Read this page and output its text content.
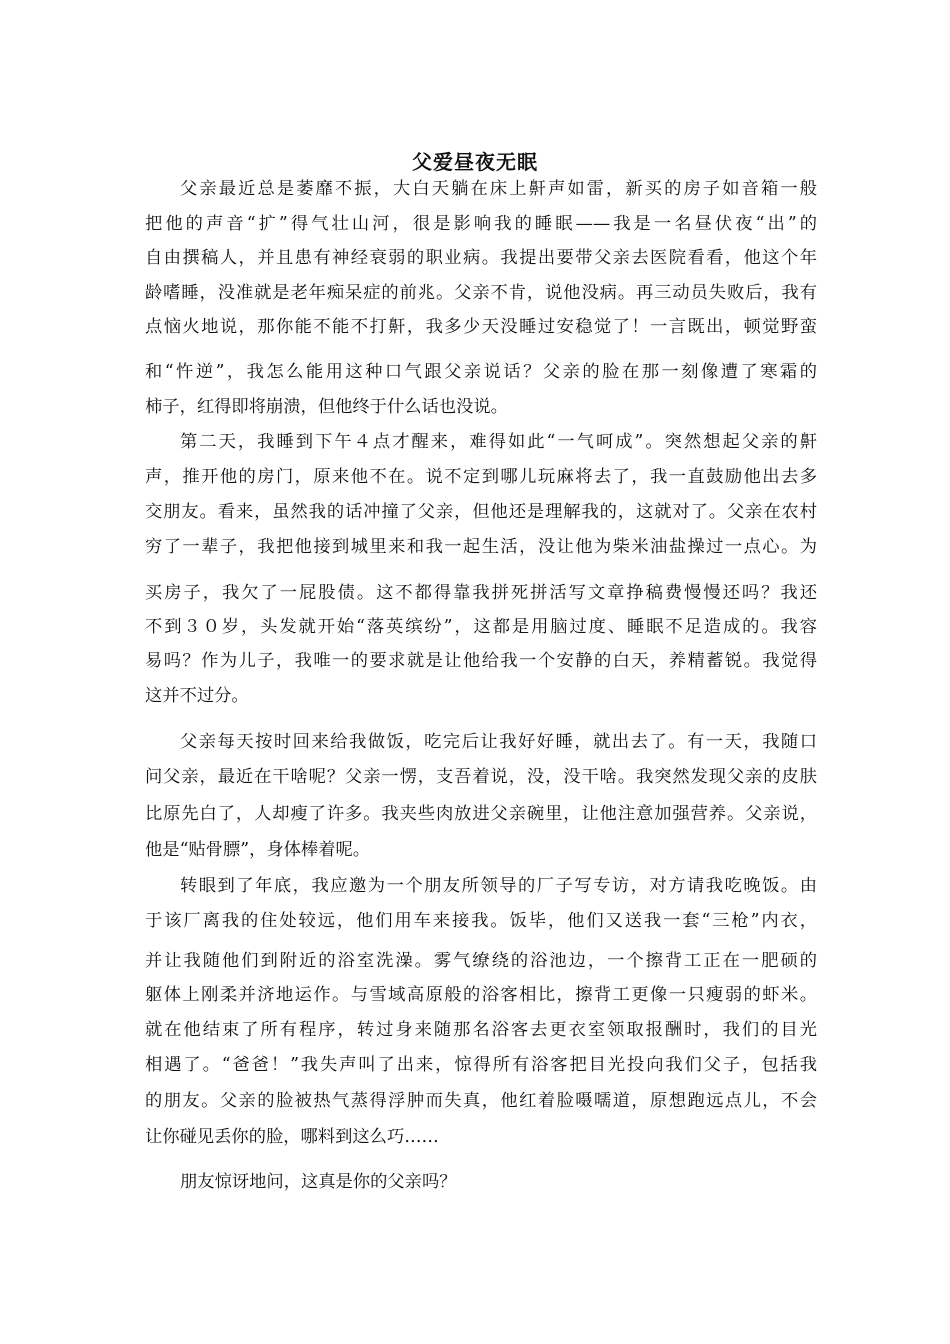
父爱昼夜无眠

父亲最近总是萎靡不振，大白天躺在床上鼾声如雷，新买的房子如音箱一般

把他的声音“扩”得气壮山河，很是影响我的睡眠——我是一名昼伏夜“出”的

自由撰稿人，并且患有神经衰弱的职业病。我提出要带父亲去医院看看，他这个年

龄嗜睡，没准就是老年痴呆症的前兆。父亲不肯，说他没病。再三动员失败后，我有

点恼火地说，那你能不能不打鼾，我多少天没睡过安稳觉了！一言既出，顿觉野蛮

和“忤逆”，我怎么能用这种口气跟父亲说话？父亲的脸在那一刻像遭了寒霜的

柿子，红得即将崩溃，但他终于什么话也没说。

第二天，我睡到下午４点才醒来，难得如此“一气呵成”。突然想起父亲的鼾

声，推开他的房门，原来他不在。说不定到哪儿玩麻将去了，我一直鼓励他出去多

交朋友。看来，虽然我的话冲撞了父亲，但他还是理解我的，这就对了。父亲在农村

穷了一辈子，我把他接到城里来和我一起生活，没让他为柴米油盐操过一点心。为

买房子，我欠了一屁股债。这不都得靠我拼死拼活写文章挣稿费慢慢还吗？我还

不到３０岁，头发就开始“落英缤纷”，这都是用脑过度、睡眠不足造成的。我容

易吗？作为儿子，我唯一的要求就是让他给我一个安静的白天，养精蓄锐。我觉得

这并不过分。

父亲每天按时回来给我做饭，吃完后让我好好睡，就出去了。有一天，我随口

问父亲，最近在干啥呢？父亲一愣，支吾着说，没，没干啥。我突然发现父亲的皮肤

比原先白了，人却瘦了许多。我夹些肉放进父亲碗里，让他注意加强营养。父亲说，

他是“贴骨膘”，身体棒着呢。

转眼到了年底，我应邀为一个朋友所领导的厂子写专访，对方请我吃晚饭。由

于该厂离我的住处较远，他们用车来接我。饭毕，他们又送我一套“三枪”内衣，

并让我随他们到附近的浴室洗澡。雾气缭绕的浴池边，一个擦背工正在一肥硕的

躯体上刚柔并济地运作。与雪域高原般的浴客相比，擦背工更像一只瘦弱的虾米。

就在他结束了所有程序，转过身来随那名浴客去更衣室领取报酬时，我们的目光

相遇了。“爸爸！”我失声叫了出来，惊得所有浴客把目光投向我们父子，包括我

的朋友。父亲的脸被热气蒸得浮肿而失真，他红着脸嗫嚅道，原想跑远点儿，不会

让你碰见丢你的脸，哪料到这么巧……

朋友惊讶地问，这真是你的父亲吗？
